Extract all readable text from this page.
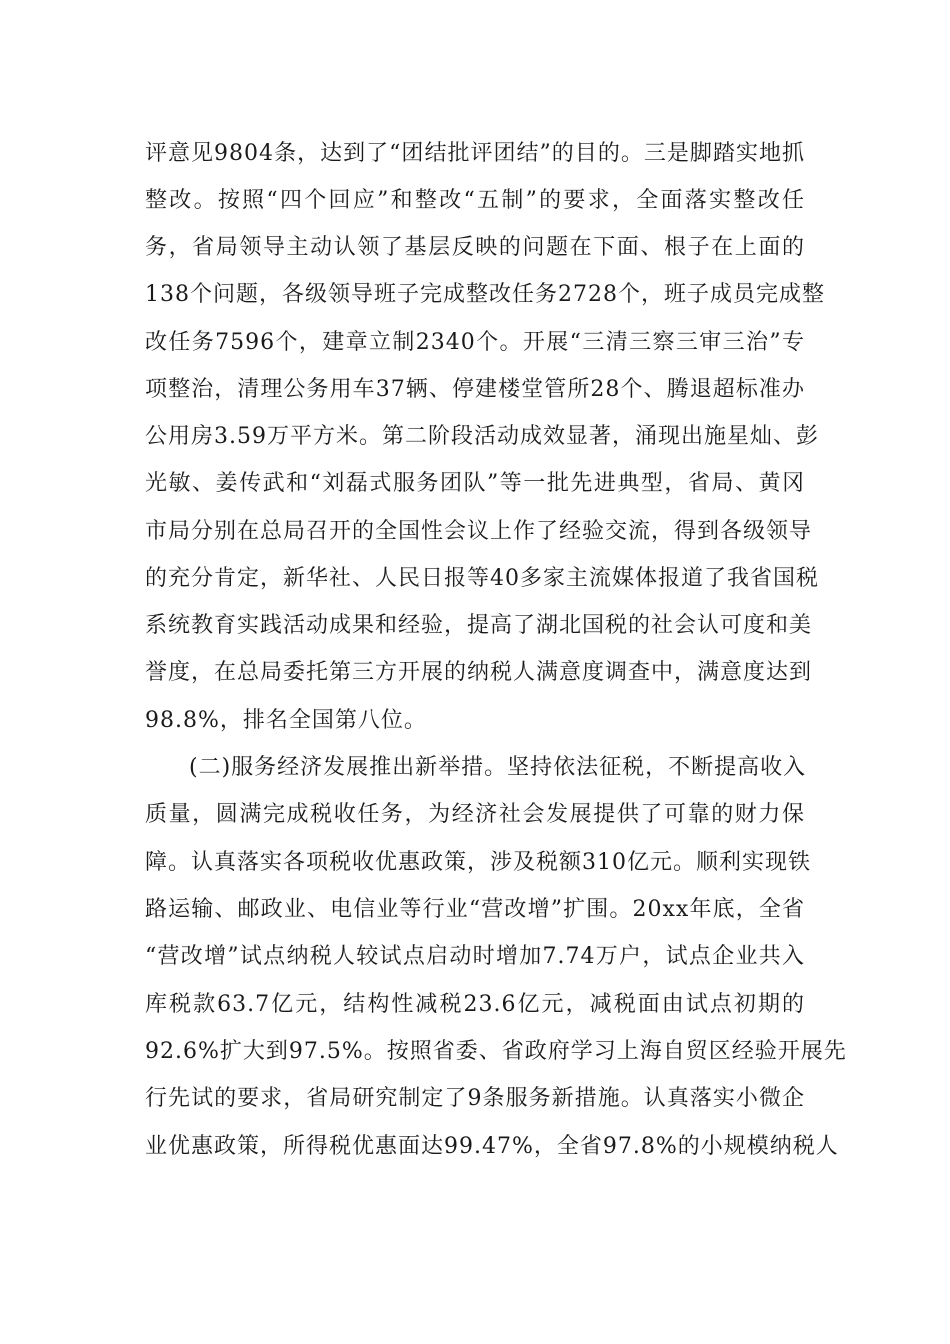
评意见9804条，达到了“团结批评团结”的目的。三是脚踏实地抓
整改。按照“四个回应”和整改“五制”的要求，全面落实整改任
务，省局领导主动认领了基层反映的问题在下面、根子在上面的
138个问题，各级领导班子完成整改任务2728个，班子成员完成整
改任务7596个，建章立制2340个。开展“三清三察三审三治”专
项整治，清理公务用车37辆、停建楼堂管所28个、腾退超标准办
公用房3.59万平方米。第二阶段活动成效显著，涌现出施星灿、彭
光敏、姜传武和“刘磊式服务团队”等一批先进典型，省局、黄冈
市局分别在总局召开的全国性会议上作了经验交流，得到各级领导
的充分肯定，新华社、人民日报等40多家主流媒体报道了我省国税
系统教育实践活动成果和经验，提高了湖北国税的社会认可度和美
誉度，在总局委托第三方开展的纳税人满意度调查中，满意度达到
98.8%，排名全国第八位。
(二)服务经济发展推出新举措。坚持依法征税，不断提高收入
质量，圆满完成税收任务，为经济社会发展提供了可靠的财力保
障。认真落实各项税收优惠政策，涉及税额310亿元。顺利实现铁
路运输、邮政业、电信业等行业“营改增”扩围。20xx年底，全省
“营改增”试点纳税人较试点启动时增加7.74万户，试点企业共入
库税款63.7亿元，结构性减税23.6亿元，减税面由试点初期的
92.6%扩大到97.5%。按照省委、省政府学习上海自贸区经验开展先
行先试的要求，省局研究制定了9条服务新措施。认真落实小微企
业优惠政策，所得税优惠面达99.47%，全省97.8%的小规模纳税人
